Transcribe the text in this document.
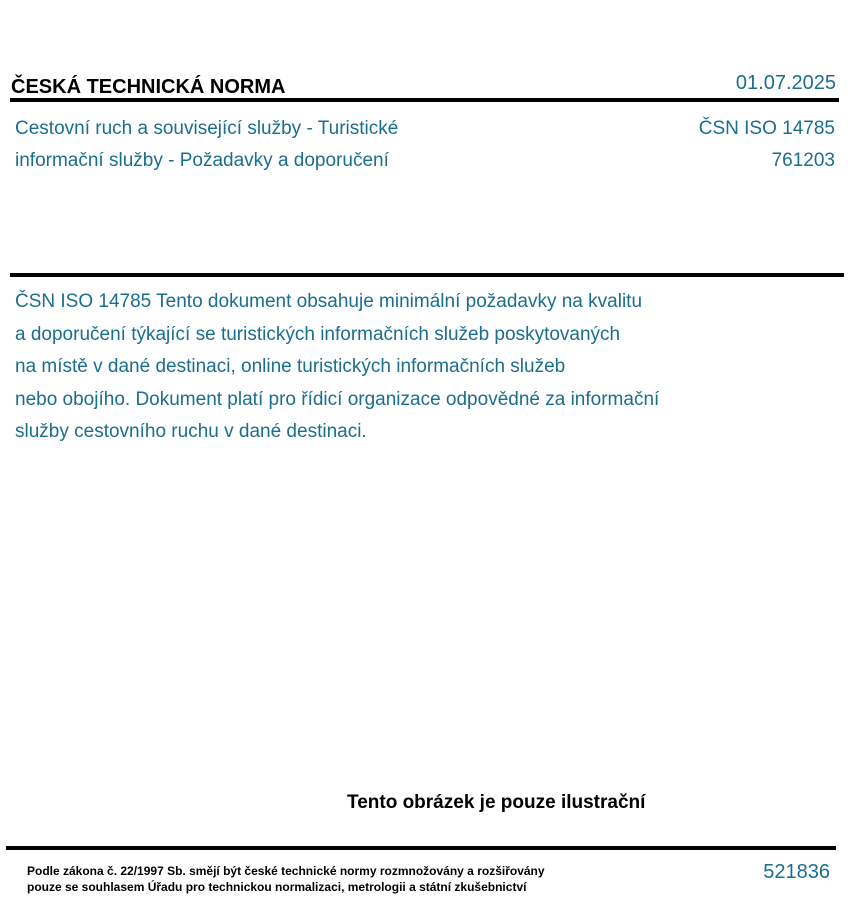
ČESKÁ TECHNICKÁ NORMA	01.07.2025
Cestovní ruch a související služby - Turistické
informační služby - Požadavky a doporučení
ČSN ISO 14785
761203
ČSN ISO 14785 Tento dokument obsahuje minimální požadavky na kvalitu
a doporučení týkající se turistických informačních služeb poskytovaných
na místě v dané destinaci, online turistických informačních služeb
nebo obojího. Dokument platí pro řídicí organizace odpovědné za informační
služby cestovního ruchu v dané destinaci.
Tento obrázek je pouze ilustrační
Podle zákona č. 22/1997 Sb. smějí být české technické normy rozmnožovány a rozšiřovány
pouze se souhlasem Úřadu pro technickou normalizaci, metrologii a státní zkušebnictví
521836
